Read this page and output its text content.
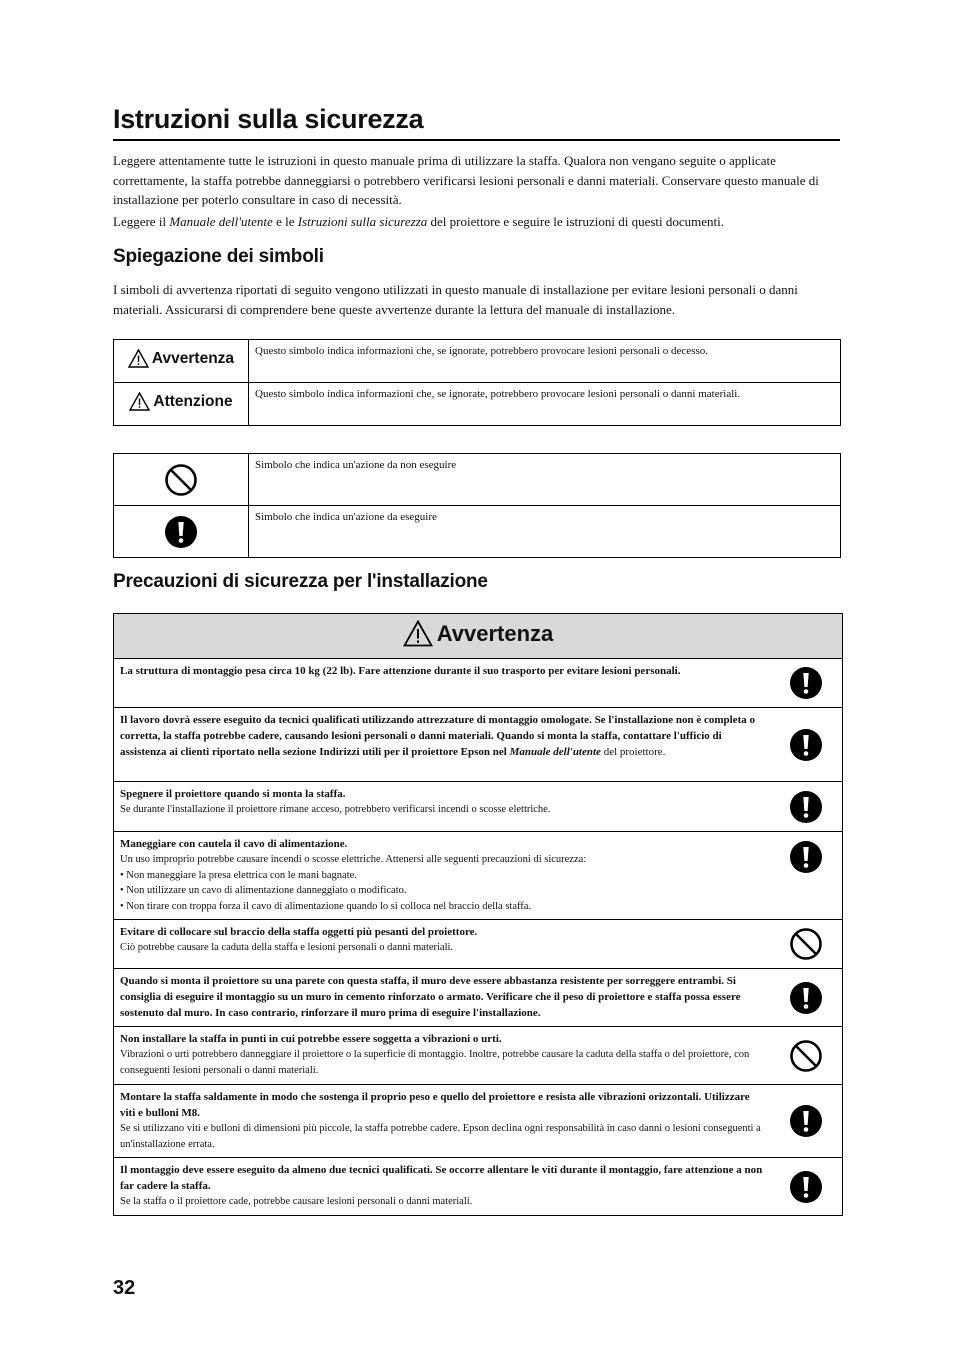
Istruzioni sulla sicurezza

Leggere attentamente tutte le istruzioni in questo manuale prima di utilizzare la staffa. Qualora non vengano seguite o applicate correttamente, la staffa potrebbe danneggiarsi o potrebbero verificarsi lesioni personali e danni materiali. Conservare questo manuale di installazione per poterlo consultare in caso di necessità.

Leggere il Manuale dell'utente e le Istruzioni sulla sicurezza del proiettore e seguire le istruzioni di questi documenti.

Spiegazione dei simboli

I simboli di avvertenza riportati di seguito vengono utilizzati in questo manuale di installazione per evitare lesioni personali o danni materiali. Assicurarsi di comprendere bene queste avvertenze durante la lettura del manuale di installazione.

Avvertenza	Questo simbolo indica informazioni che, se ignorate, potrebbero provocare lesioni personali o decesso.

Attenzione	Questo simbolo indica informazioni che, se ignorate, potrebbero provocare lesioni personali o danni materiali.
	Simbolo che indica un'azione da non eseguire

	Simbolo che indica un'azione da eseguire
Precauzioni di sicurezza per l'installazione
Avvertenza	

La struttura di montaggio pesa circa 10 kg (22 lb). Fare attenzione durante il suo trasporto per evitare lesioni personali.

Il lavoro dovrà essere eseguito da tecnici qualificati utilizzando attrezzature di montaggio omologate. Se l'installazione non è completa o corretta, la staffa potrebbe cadere, causando lesioni personali o danni materiali. Quando si monta la staffa, contattare l'ufficio di assistenza ai clienti riportato nella sezione Indirizzi utili per il proiettore Epson nel Manuale dell'utente del proiettore.

Spegnere il proiettore quando si monta la staffa.
Se durante l'installazione il proiettore rimane acceso, potrebbero verificarsi incendi o scosse elettriche.

Maneggiare con cautela il cavo di alimentazione.
Un uso improprio potrebbe causare incendi o scosse elettriche. Attenersi alle seguenti precauzioni di sicurezza:
• Non maneggiare la presa elettrica con le mani bagnate.
• Non utilizzare un cavo di alimentazione danneggiato o modificato.
• Non tirare con troppa forza il cavo di alimentazione quando lo si colloca nel braccio della staffa.

Evitare di collocare sul braccio della staffa oggetti più pesanti del proiettore.
Ciò potrebbe causare la caduta della staffa e lesioni personali o danni materiali.

Quando si monta il proiettore su una parete con questa staffa, il muro deve essere abbastanza resistente per sorreggere entrambi. Si consiglia di eseguire il montaggio su un muro in cemento rinforzato o armato. Verificare che il peso di proiettore e staffa possa essere sostenuto dal muro. In caso contrario, rinforzare il muro prima di eseguire l'installazione.

Non installare la staffa in punti in cui potrebbe essere soggetta a vibrazioni o urti.
Vibrazioni o urti potrebbero danneggiare il proiettore o la superficie di montaggio. Inoltre, potrebbe causare la caduta della staffa o del proiettore, con conseguenti lesioni personali o danni materiali.

Montare la staffa saldamente in modo che sostenga il proprio peso e quello del proiettore e resista alle vibrazioni orizzontali. Utilizzare viti e bulloni M8.
Se si utilizzano viti e bulloni di dimensioni più piccole, la staffa potrebbe cadere. Epson declina ogni responsabilità in caso danni o lesioni conseguenti a un'installazione errata.

Il montaggio deve essere eseguito da almeno due tecnici qualificati. Se occorre allentare le viti durante il montaggio, fare attenzione a non far cadere la staffa.
Se la staffa o il proiettore cade, potrebbe causare lesioni personali o danni materiali.

32
